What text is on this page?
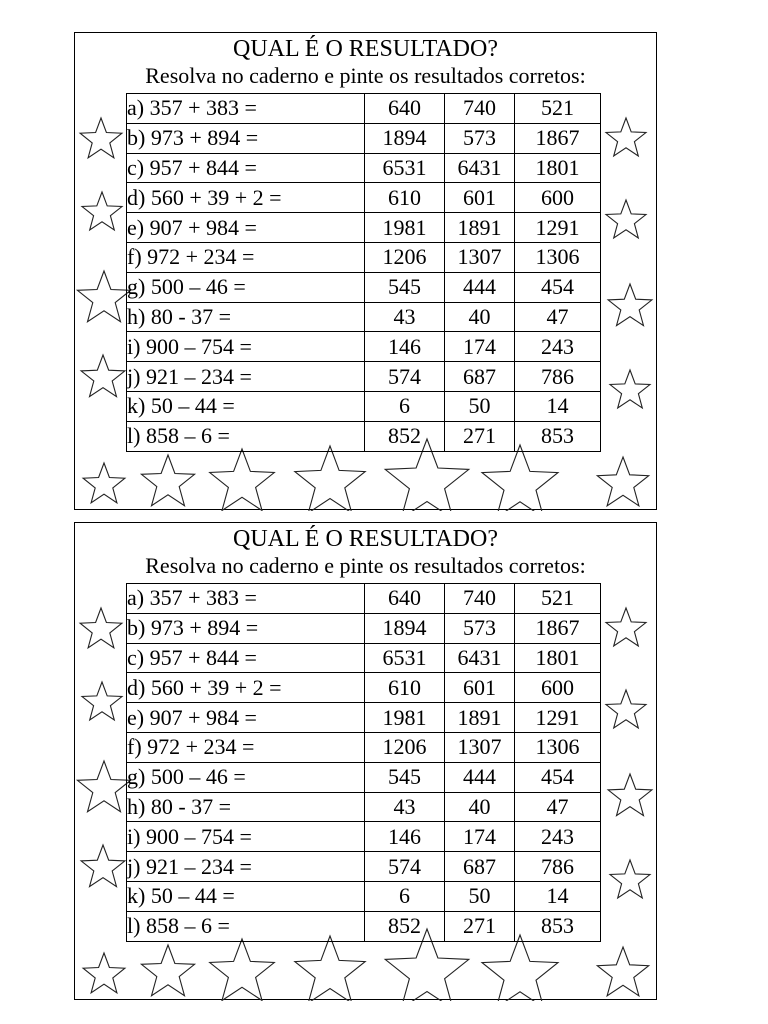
QUAL É O RESULTADO?
Resolva no caderno e pinte os resultados corretos:
a) 357 + 383 =	640	740	521
b) 973 + 894 =	1894	573	1867
c) 957 + 844 =	6531	6431	1801
d) 560 + 39 + 2 =	610	601	600
e) 907 + 984 =	1981	1891	1291
f) 972 + 234 =	1206	1307	1306
g) 500 – 46 =	545	444	454
h) 80 - 37 =	43	40	47
i) 900 – 754 =	146	174	243
j) 921 – 234 =	574	687	786
k) 50 – 44 =	6	50	14
l) 858 – 6 =	852	271	853
QUAL É O RESULTADO?
Resolva no caderno e pinte os resultados corretos:
a) 357 + 383 =	640	740	521
b) 973 + 894 =	1894	573	1867
c) 957 + 844 =	6531	6431	1801
d) 560 + 39 + 2 =	610	601	600
e) 907 + 984 =	1981	1891	1291
f) 972 + 234 =	1206	1307	1306
g) 500 – 46 =	545	444	454
h) 80 - 37 =	43	40	47
i) 900 – 754 =	146	174	243
j) 921 – 234 =	574	687	786
k) 50 – 44 =	6	50	14
l) 858 – 6 =	852	271	853
